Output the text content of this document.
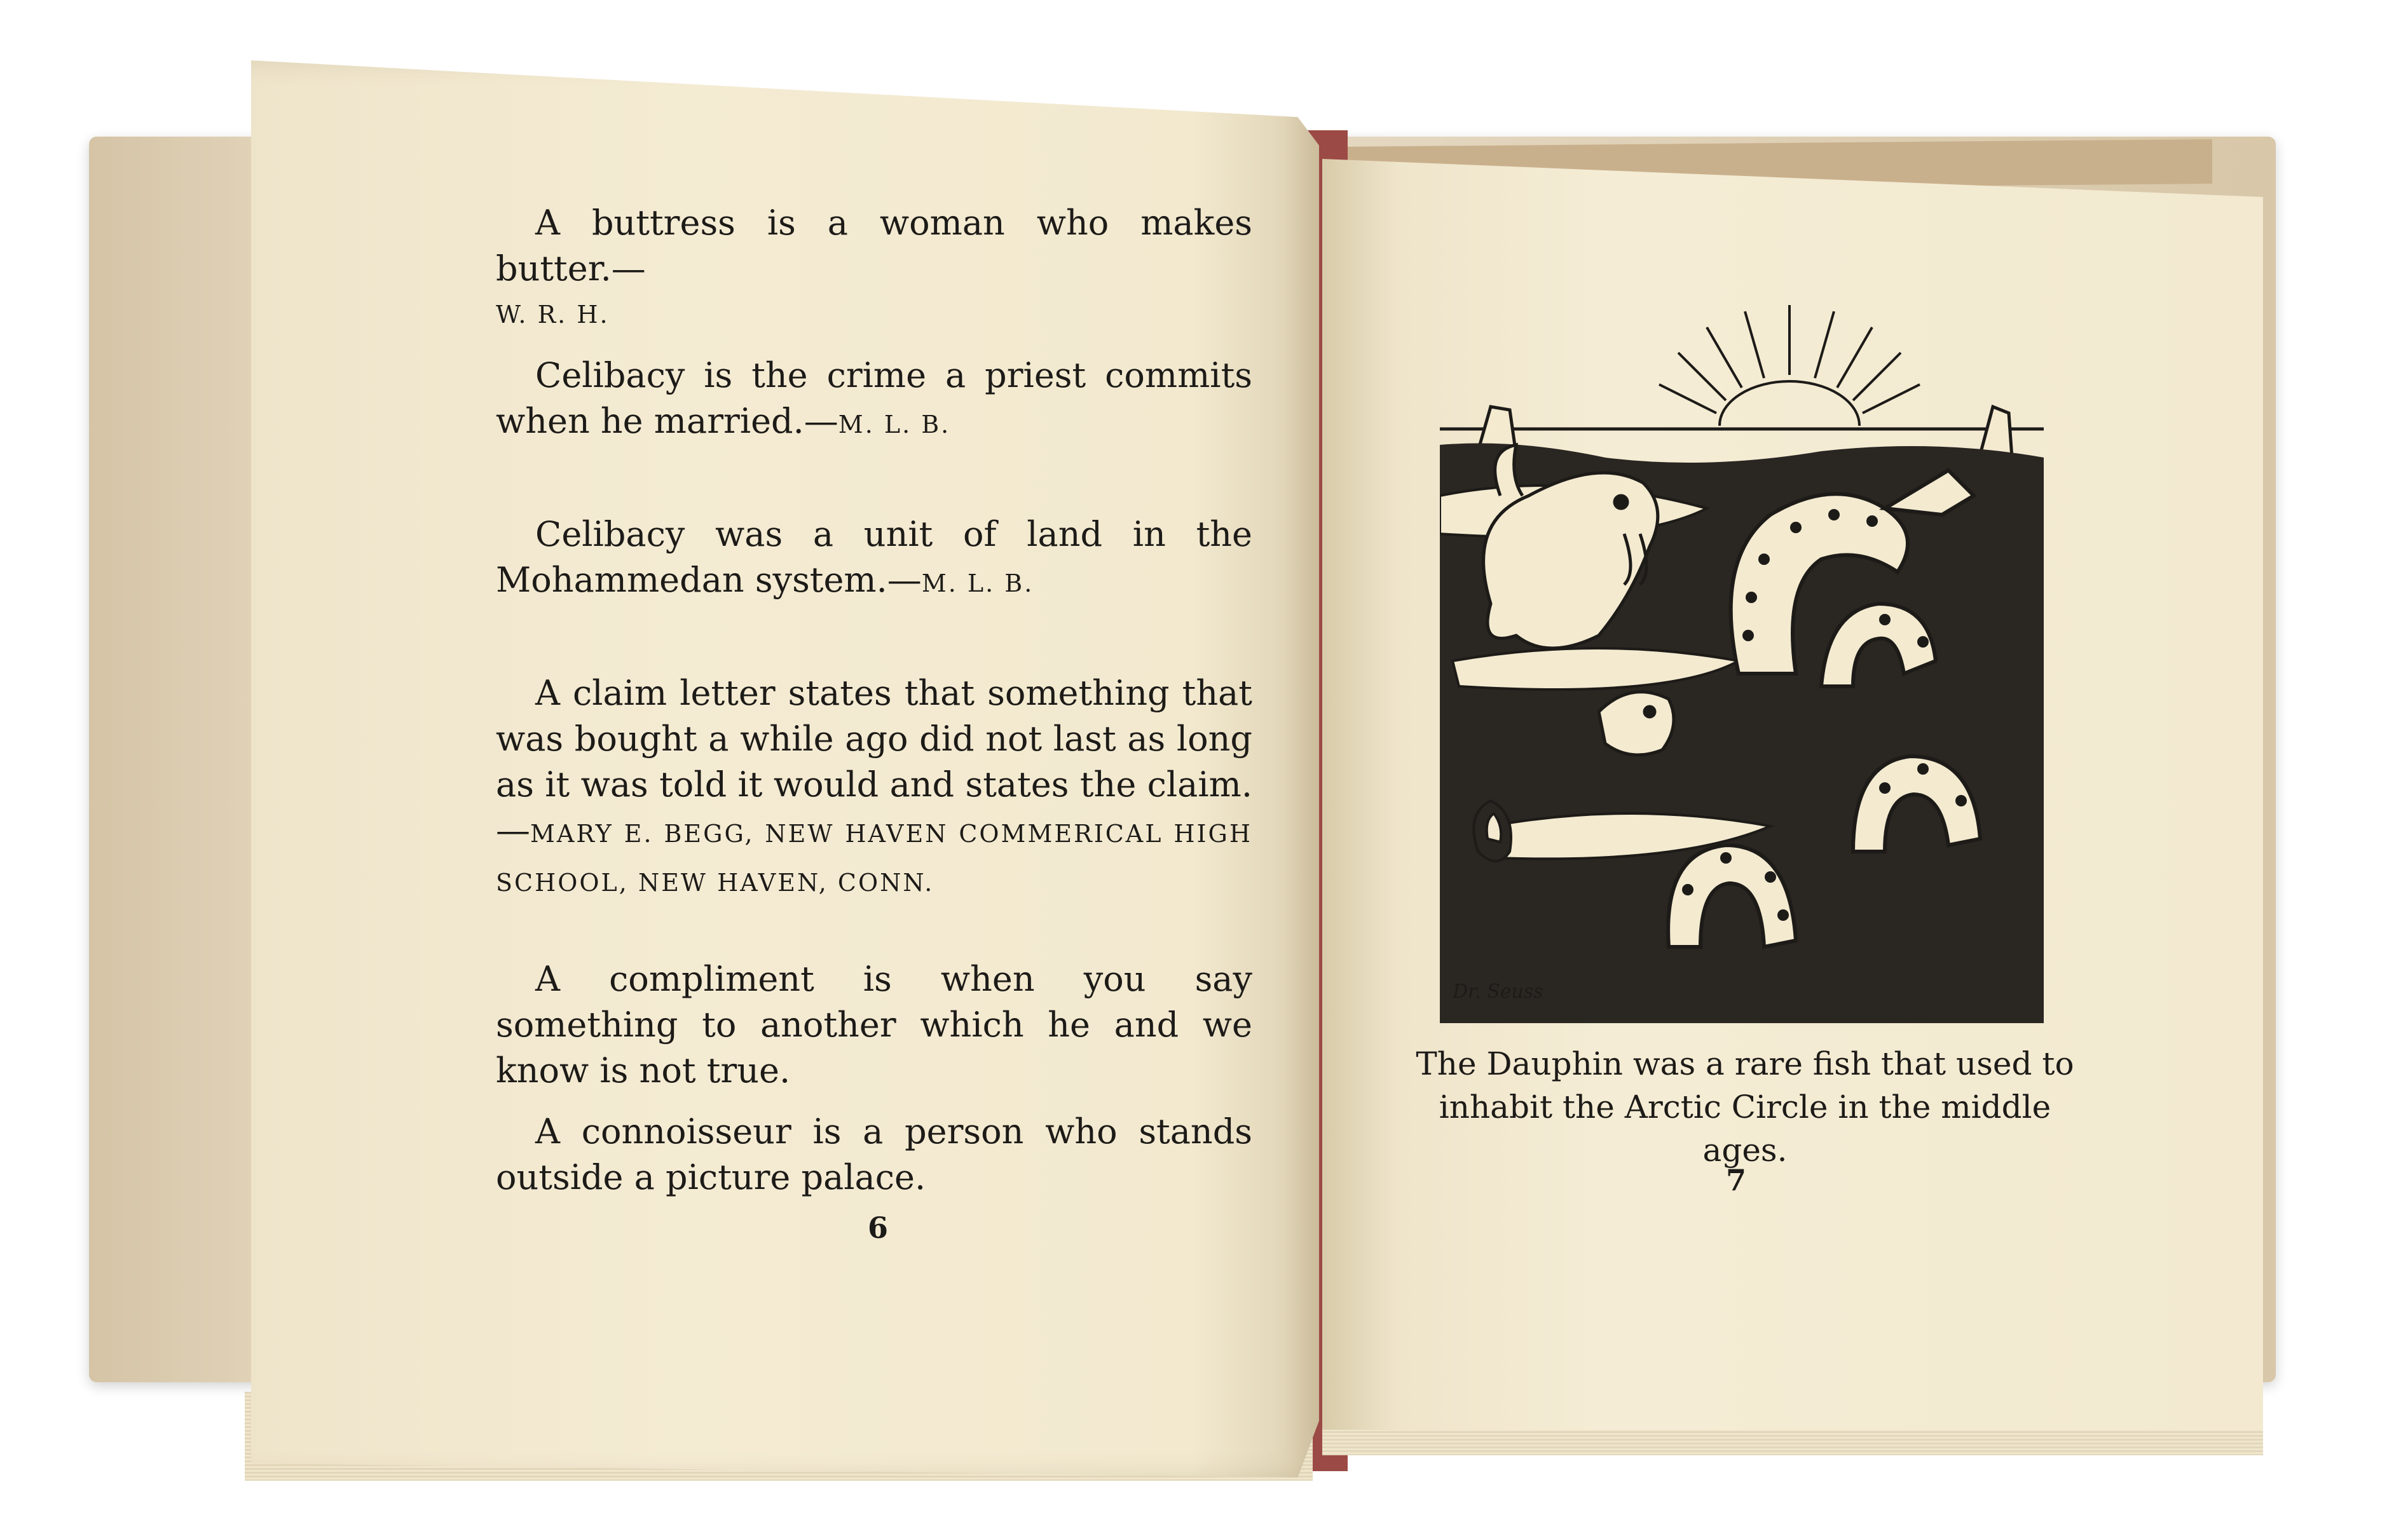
A buttress is a woman who makes butter.—
W. R. H.
Celibacy is the crime a priest commits when he married.—M. L. B.
Celibacy was a unit of land in the Mohammedan system.—M. L. B.
A claim letter states that something that was bought a while ago did not last as long as it was told it would and states the claim.—MARY E. BEGG, NEW HAVEN COMMERICAL HIGH SCHOOL, NEW HAVEN, CONN.
A compliment is when you say something to another which he and we know is not true.
A connoisseur is a person who stands outside a picture palace.
6
Dr. Seuss
The Dauphin was a rare fish that used to inhabit the Arctic Circle in the middle ages.
7
